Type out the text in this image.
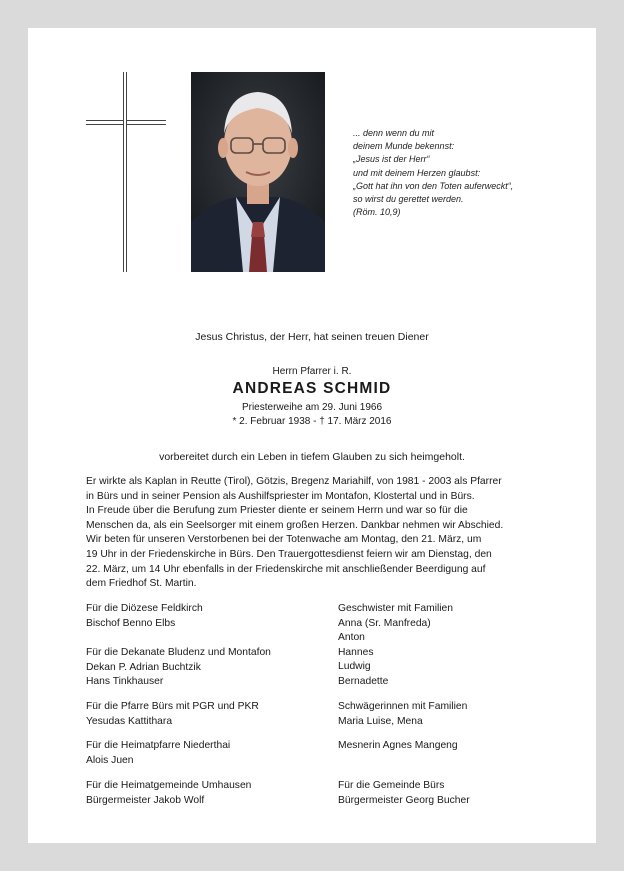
... denn wenn du mit
deinem Munde bekennst:
„Jesus ist der Herr“
und mit deinem Herzen glaubst:
„Gott hat ihn von den Toten auferweckt“,
so wirst du gerettet werden.
(Röm. 10,9)
Jesus Christus, der Herr, hat seinen treuen Diener
Herrn Pfarrer i. R.
ANDREAS SCHMID
Priesterweihe am 29. Juni 1966
* 2. Februar 1938 - † 17. März 2016
vorbereitet durch ein Leben in tiefem Glauben zu sich heimgeholt.
Er wirkte als Kaplan in Reutte (Tirol), Götzis, Bregenz Mariahilf, von 1981 - 2003 als Pfarrer
in Bürs und in seiner Pension als Aushilfspriester im Montafon, Klostertal und in Bürs.
In Freude über die Berufung zum Priester diente er seinem Herrn und war so für die
Menschen da, als ein Seelsorger mit einem großen Herzen. Dankbar nehmen wir Abschied.
Wir beten für unseren Verstorbenen bei der Totenwache am Montag, den 21. März, um
19 Uhr in der Friedenskirche in Bürs. Den Trauergottesdienst feiern wir am Dienstag, den
22. März, um 14 Uhr ebenfalls in der Friedenskirche mit anschließender Beerdigung auf
dem Friedhof St. Martin.
Für die Diözese Feldkirch
Bischof Benno Elbs
Für die Dekanate Bludenz und Montafon
Dekan P. Adrian Buchtzik
Hans Tinkhauser
Für die Pfarre Bürs mit PGR und PKR
Yesudas Kattithara
Für die Heimatpfarre Niederthai
Alois Juen
Für die Heimatgemeinde Umhausen
Bürgermeister Jakob Wolf
Geschwister mit Familien
Anna (Sr. Manfreda)
Anton
Hannes
Ludwig
Bernadette
Schwägerinnen mit Familien
Maria Luise, Mena
Mesnerin Agnes Mangeng
Für die Gemeinde Bürs
Bürgermeister Georg Bucher
